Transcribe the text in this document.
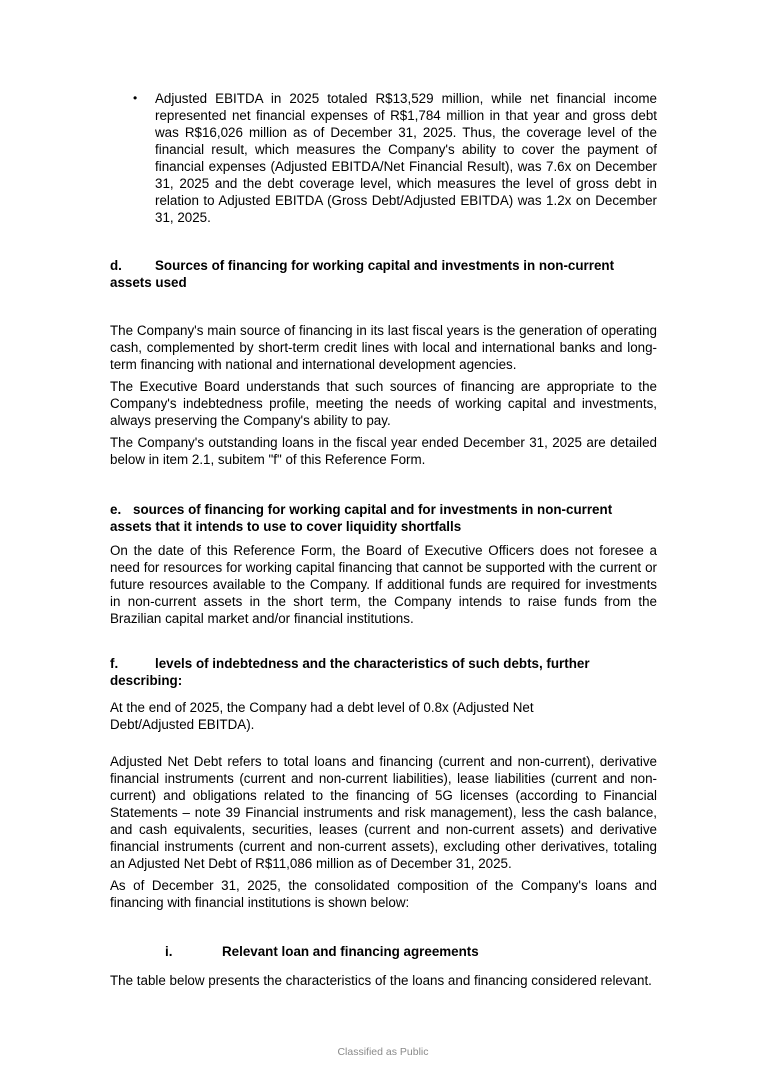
•	Adjusted EBITDA in 2025 totaled R$13,529 million, while net financial income represented net financial expenses of R$1,784 million in that year and gross debt was R$16,026 million as of December 31, 2025. Thus, the coverage level of the financial result, which measures the Company's ability to cover the payment of financial expenses (Adjusted EBITDA/Net Financial Result), was 7.6x on December 31, 2025 and the debt coverage level, which measures the level of gross debt in relation to Adjusted EBITDA (Gross Debt/Adjusted EBITDA) was 1.2x on December 31, 2025.

d. Sources of financing for working capital and investments in non-current assets used

The Company's main source of financing in its last fiscal years is the generation of operating cash, complemented by short-term credit lines with local and international banks and long-term financing with national and international development agencies.

The Executive Board understands that such sources of financing are appropriate to the Company's indebtedness profile, meeting the needs of working capital and investments, always preserving the Company's ability to pay.

The Company's outstanding loans in the fiscal year ended December 31, 2025 are detailed below in item 2.1, subitem "f" of this Reference Form.

e. sources of financing for working capital and for investments in non-current assets that it intends to use to cover liquidity shortfalls

On the date of this Reference Form, the Board of Executive Officers does not foresee a need for resources for working capital financing that cannot be supported with the current or future resources available to the Company. If additional funds are required for investments in non-current assets in the short term, the Company intends to raise funds from the Brazilian capital market and/or financial institutions.

f.	levels of indebtedness and the characteristics of such debts, further describing:

At the end of 2025, the Company had a debt level of 0.8x (Adjusted Net Debt/Adjusted EBITDA).

Adjusted Net Debt refers to total loans and financing (current and non-current), derivative financial instruments (current and non-current liabilities), lease liabilities (current and non-current) and obligations related to the financing of 5G licenses (according to Financial Statements – note 39 Financial instruments and risk management), less the cash balance, and cash equivalents, securities, leases (current and non-current assets) and derivative financial instruments (current and non-current assets), excluding other derivatives, totaling an Adjusted Net Debt of R$11,086 million as of December 31, 2025.

As of December 31, 2025, the consolidated composition of the Company's loans and financing with financial institutions is shown below:

i.	Relevant loan and financing agreements

The table below presents the characteristics of the loans and financing considered relevant.

Classified as Public
